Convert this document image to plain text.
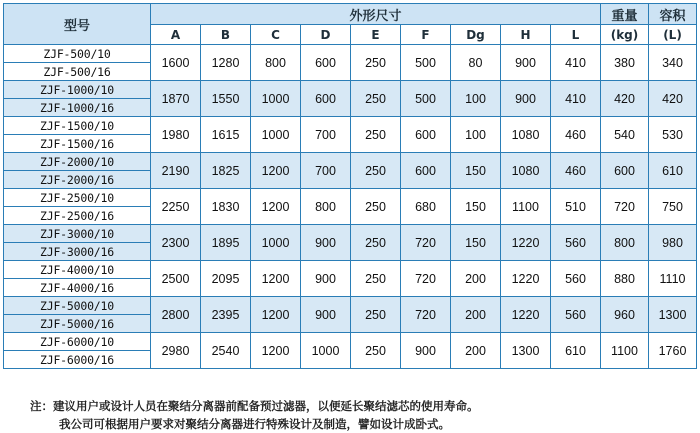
型号	外形尺寸									重量	容积
	A	B	C	D	E	F	Dg	H	L	(kg)	(L)
ZJF-500/10	1600	1280	800	600	250	500	80	900	410	380	340
ZJF-500/16											
ZJF-1000/10	1870	1550	1000	600	250	500	100	900	410	420	420
ZJF-1000/16											
ZJF-1500/10	1980	1615	1000	700	250	600	100	1080	460	540	530
ZJF-1500/16											
ZJF-2000/10	2190	1825	1200	700	250	600	150	1080	460	600	610
ZJF-2000/16											
ZJF-2500/10	2250	1830	1200	800	250	680	150	1100	510	720	750
ZJF-2500/16											
ZJF-3000/10	2300	1895	1000	900	250	720	150	1220	560	800	980
ZJF-3000/16											
ZJF-4000/10	2500	2095	1200	900	250	720	200	1220	560	880	1110
ZJF-4000/16											
ZJF-5000/10	2800	2395	1200	900	250	720	200	1220	560	960	1300
ZJF-5000/16											
ZJF-6000/10	2980	2540	1200	1000	250	900	200	1300	610	1100	1760
ZJF-6000/16											
注：建议用户或设计人员在聚结分离器前配备预过滤器，以便延长聚结滤芯的使用寿命。
我公司可根据用户要求对聚结分离器进行特殊设计及制造，譬如设计成卧式。
